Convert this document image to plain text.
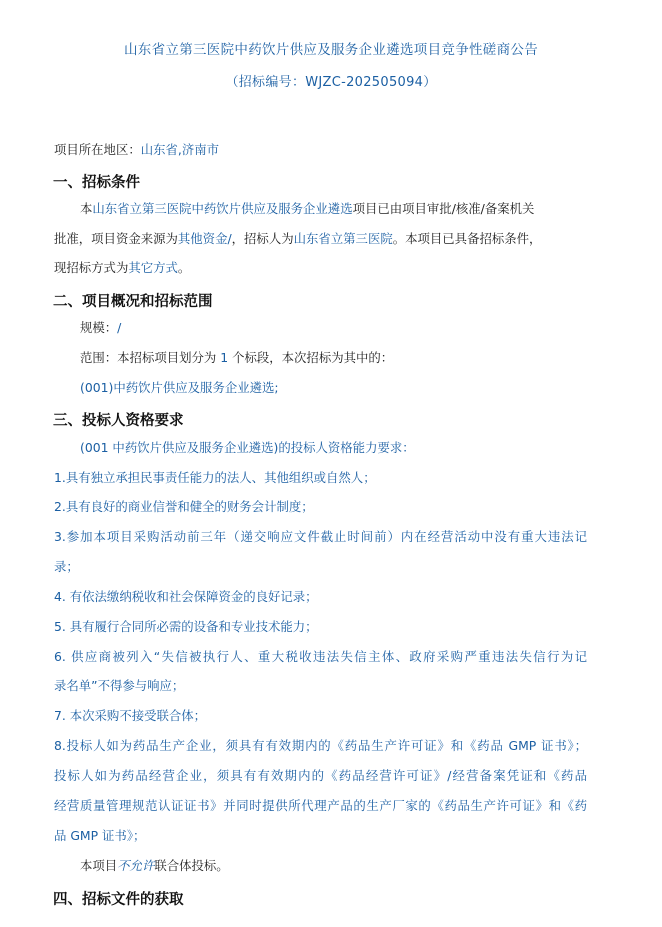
山东省立第三医院中药饮片供应及服务企业遴选项目竞争性磋商公告
（招标编号：WJZC-202505094）
项目所在地区：山东省,济南市
一、招标条件
本山东省立第三医院中药饮片供应及服务企业遴选项目已由项目审批/核准/备案机关
批准，项目资金来源为其他资金/，招标人为山东省立第三医院。本项目已具备招标条件，
现招标方式为其它方式。
二、项目概况和招标范围
规模：/
范围：本招标项目划分为 1 个标段，本次招标为其中的：
(001)中药饮片供应及服务企业遴选;
三、投标人资格要求
(001 中药饮片供应及服务企业遴选)的投标人资格能力要求：
1.具有独立承担民事责任能力的法人、其他组织或自然人；
2.具有良好的商业信誉和健全的财务会计制度；
3.参加本项目采购活动前三年（递交响应文件截止时间前）内在经营活动中没有重大违法记
录；
4. 有依法缴纳税收和社会保障资金的良好记录；
5. 具有履行合同所必需的设备和专业技术能力；
6. 供应商被列入“失信被执行人、重大税收违法失信主体、政府采购严重违法失信行为记
录名单”不得参与响应；
7. 本次采购不接受联合体；
8.投标人如为药品生产企业，须具有有效期内的《药品生产许可证》和《药品 GMP 证书》；
投标人如为药品经营企业，须具有有效期内的《药品经营许可证》/经营备案凭证和《药品
经营质量管理规范认证证书》并同时提供所代理产品的生产厂家的《药品生产许可证》和《药
品 GMP 证书》；
本项目不允许联合体投标。
四、招标文件的获取
